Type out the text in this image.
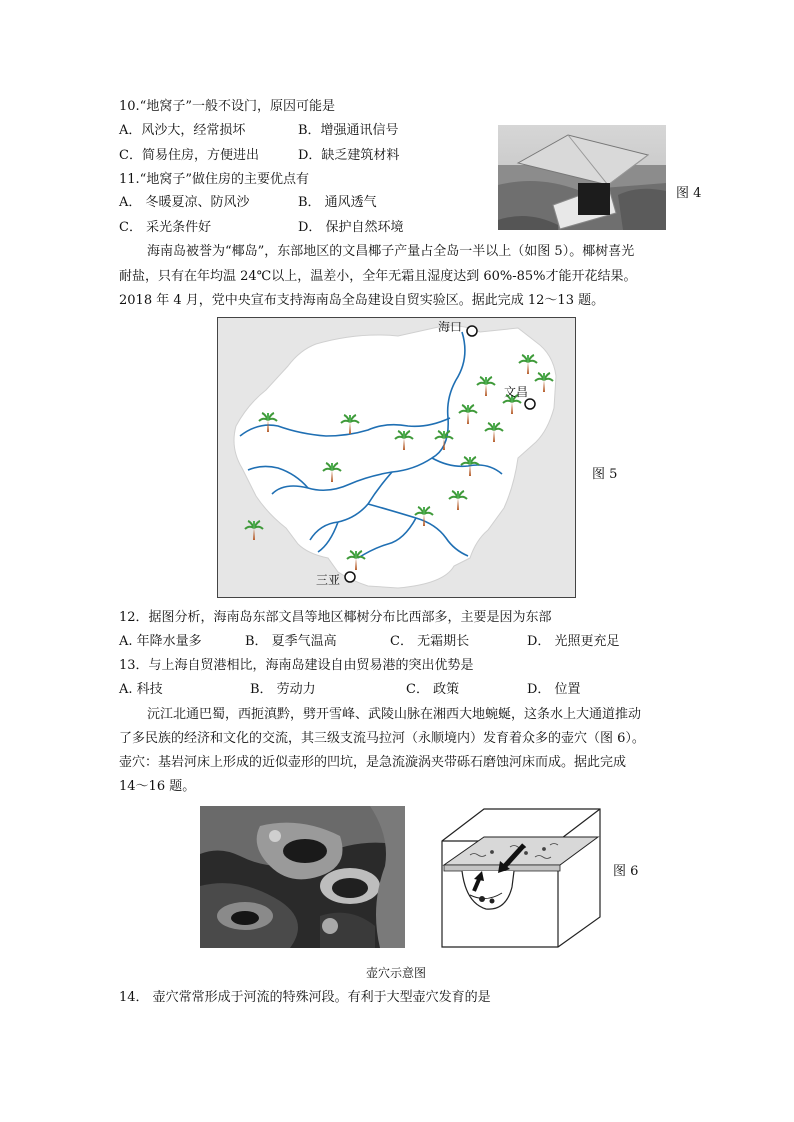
10.“地窝子”一般不设门，原因可能是
A．风沙大，经常损坏	B．增强通讯信号
C．简易住房，方便进出	D．缺乏建筑材料
11.“地窝子”做住房的主要优点有
A． 冬暖夏凉、防风沙	B． 通风透气
C． 采光条件好	D． 保护自然环境
图 4
海南岛被誉为“椰岛”，东部地区的文昌椰子产量占全岛一半以上（如图 5）。椰树喜光
耐盐，只有在年均温 24℃以上，温差小，全年无霜且湿度达到 60%-85%才能开花结果。
2018 年 4 月，党中央宣布支持海南岛全岛建设自贸实验区。据此完成 12～13 题。
海口
文昌
三亚
图 5
12．据图分析，海南岛东部文昌等地区椰树分布比西部多，主要是因为东部
A. 年降水量多	B． 夏季气温高	C． 无霜期长	D． 光照更充足
13．与上海自贸港相比，海南岛建设自由贸易港的突出优势是
A. 科技	B． 劳动力	C． 政策	D． 位置
沅江北通巴蜀，西扼滇黔，劈开雪峰、武陵山脉在湘西大地蜿蜒，这条水上大通道推动
了多民族的经济和文化的交流，其三级支流马拉河（永顺境内）发育着众多的壶穴（图 6）。
壶穴：基岩河床上形成的近似壶形的凹坑，是急流漩涡夹带砾石磨蚀河床而成。据此完成
14～16 题。
图 6
壶穴示意图
14． 壶穴常常形成于河流的特殊河段。有利于大型壶穴发育的是
